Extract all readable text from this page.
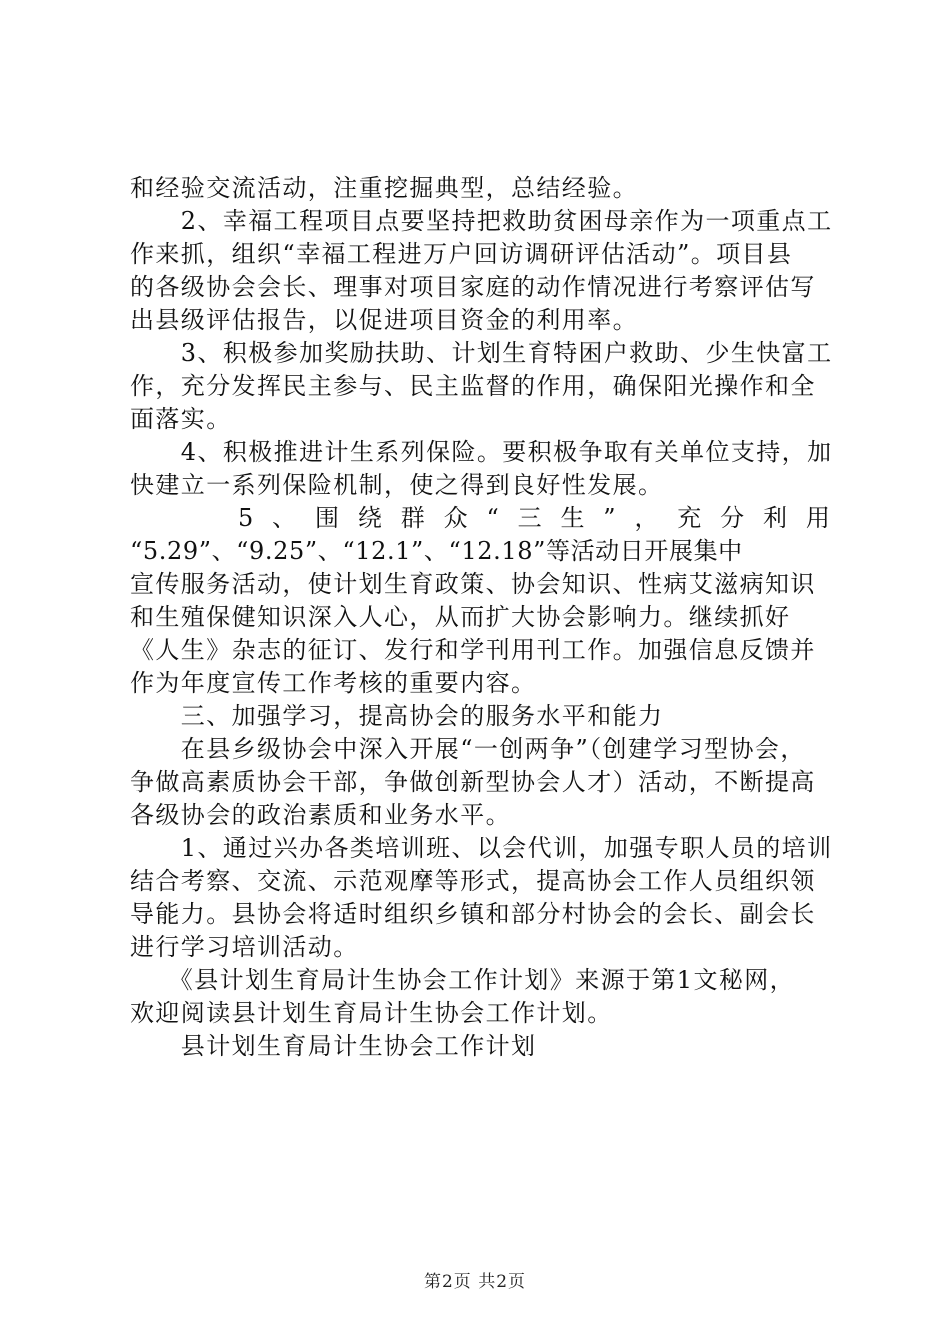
和经验交流活动，注重挖掘典型，总结经验。
　　2、幸福工程项目点要坚持把救助贫困母亲作为一项重点工
作来抓，组织“幸福工程进万户回访调研评估活动”。项目县
的各级协会会长、理事对项目家庭的动作情况进行考察评估写
出县级评估报告，以促进项目资金的利用率。
　　3、积极参加奖励扶助、计划生育特困户救助、少生快富工
作，充分发挥民主参与、民主监督的作用，确保阳光操作和全
面落实。
　　4、积极推进计生系列保险。要积极争取有关单位支持，加
快建立一系列保险机制，使之得到良好性发展。
5 、 围 绕 群 众 “ 三 生 ” ， 充 分 利 用
“5.29”、“9.25”、“12.1”、“12.18”等活动日开展集中
宣传服务活动，使计划生育政策、协会知识、性病艾滋病知识
和生殖保健知识深入人心，从而扩大协会影响力。继续抓好
《人生》杂志的征订、发行和学刊用刊工作。加强信息反馈并
作为年度宣传工作考核的重要内容。
　　三、加强学习，提高协会的服务水平和能力
　　在县乡级协会中深入开展“一创两争”（创建学习型协会，
争做高素质协会干部，争做创新型协会人才）活动，不断提高
各级协会的政治素质和业务水平。
　　1、通过兴办各类培训班、以会代训，加强专职人员的培训
结合考察、交流、示范观摩等形式，提高协会工作人员组织领
导能力。县协会将适时组织乡镇和部分村协会的会长、副会长
进行学习培训活动。
　　《县计划生育局计生协会工作计划》来源于第1文秘网，
欢迎阅读县计划生育局计生协会工作计划。
　　县计划生育局计生协会工作计划
第2页 共2页
